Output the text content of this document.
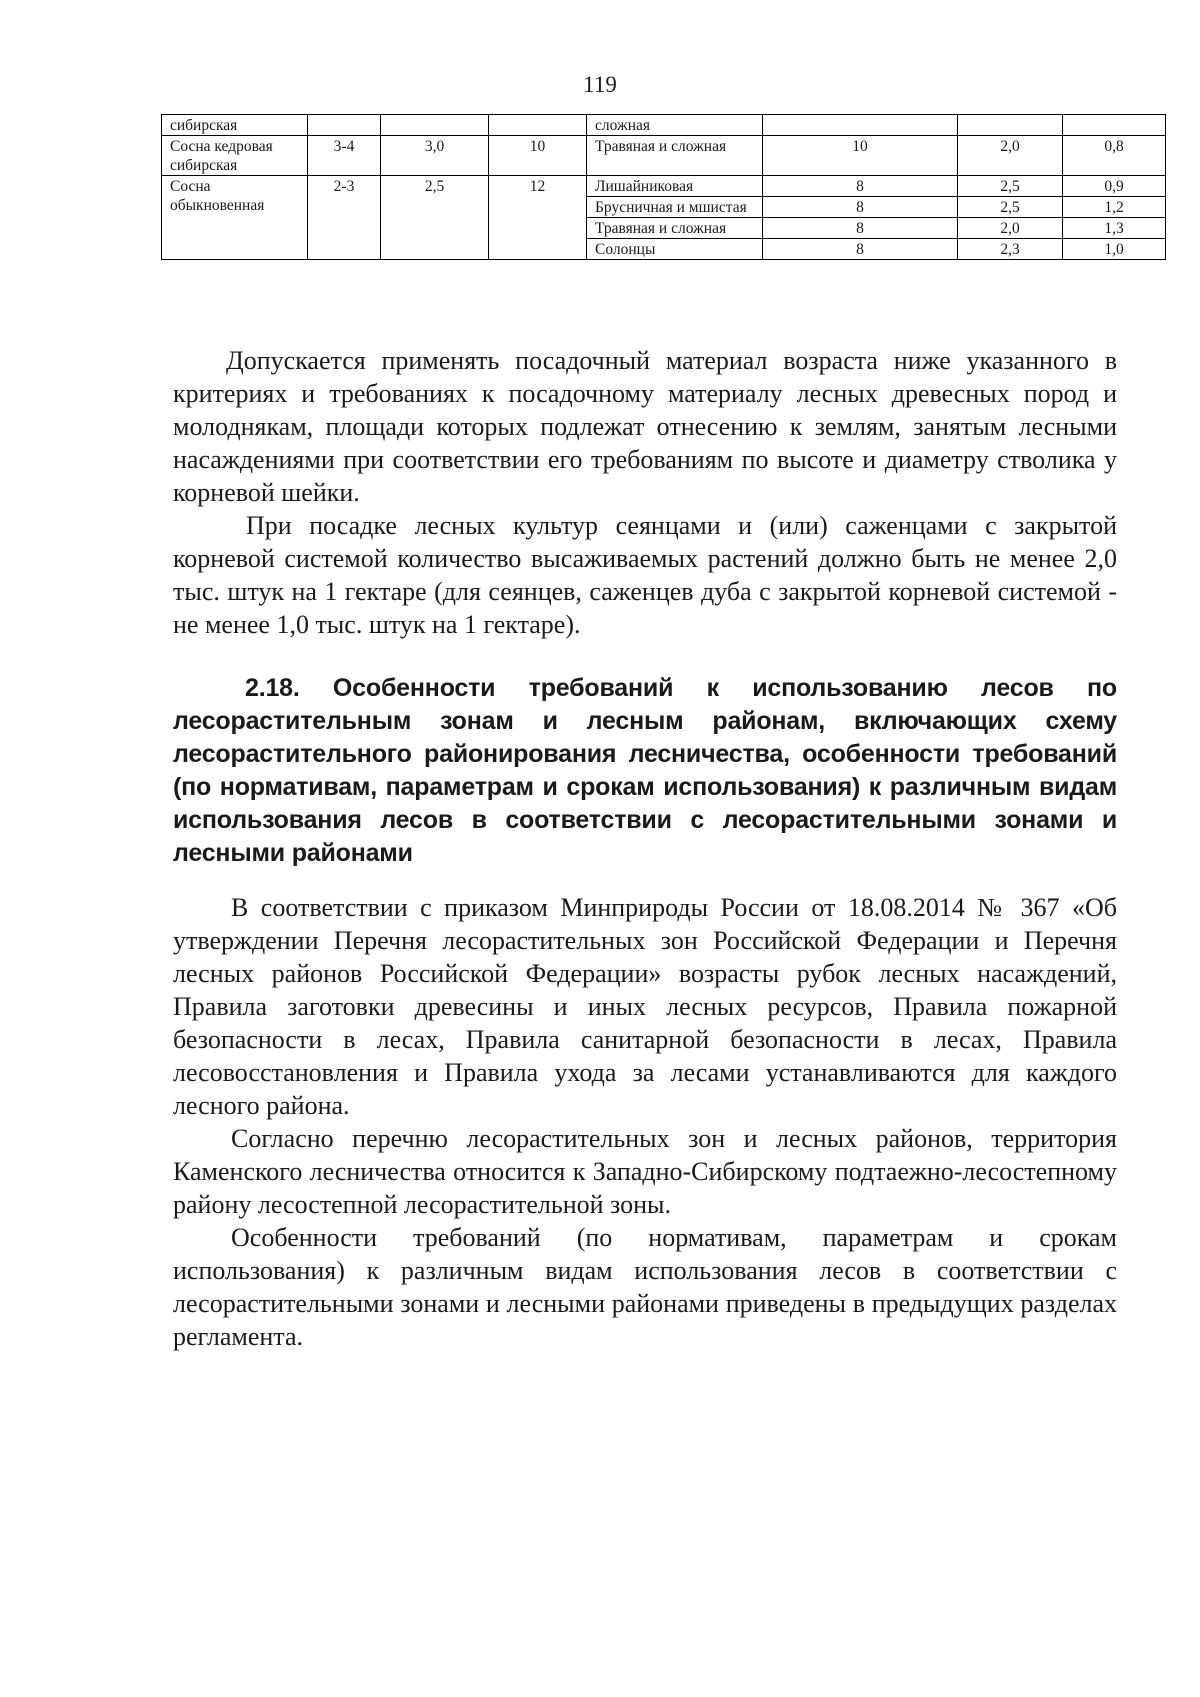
119
сибирская				сложная			
Сосна кедровая сибирская	3-4	3,0	10	Травяная и сложная	10	2,0	0,8
Сосна обыкновенная	2-3	2,5	12	Лишайниковая	8	2,5	0,9
				Брусничная и мшистая	8	2,5	1,2
				Травяная и сложная	8	2,0	1,3
				Солонцы	8	2,3	1,0

Допускается применять посадочный материал возраста ниже указанного в критериях и требованиях к посадочному материалу лесных древесных пород и молоднякам, площади которых подлежат отнесению к землям, занятым лесными насаждениями при соответствии его требованиям по высоте и диаметру стволика у корневой шейки.

При посадке лесных культур сеянцами и (или) саженцами с закрытой корневой системой количество высаживаемых растений должно быть не менее 2,0 тыс. штук на 1 гектаре (для сеянцев, саженцев дуба с закрытой корневой системой - не менее 1,0 тыс. штук на 1 гектаре).

2.18. Особенности требований к использованию лесов по лесорастительным зонам и лесным районам, включающих схему лесорастительного районирования лесничества, особенности требований (по нормативам, параметрам и срокам использования) к различным видам использования лесов в соответствии с лесорастительными зонами и лесными районами

В соответствии с приказом Минприроды России от 18.08.2014 № 367 «Об утверждении Перечня лесорастительных зон Российской Федерации и Перечня лесных районов Российской Федерации» возрасты рубок лесных насаждений, Правила заготовки древесины и иных лесных ресурсов, Правила пожарной безопасности в лесах, Правила санитарной безопасности в лесах, Правила лесовосстановления и Правила ухода за лесами устанавливаются для каждого лесного района.

Согласно перечню лесорастительных зон и лесных районов, территория Каменского лесничества относится к Западно-Сибирскому подтаежно-лесостепному району лесостепной лесорастительной зоны.

Особенности требований (по нормативам, параметрам и срокам использования) к различным видам использования лесов в соответствии с лесорастительными зонами и лесными районами приведены в предыдущих разделах регламента.
